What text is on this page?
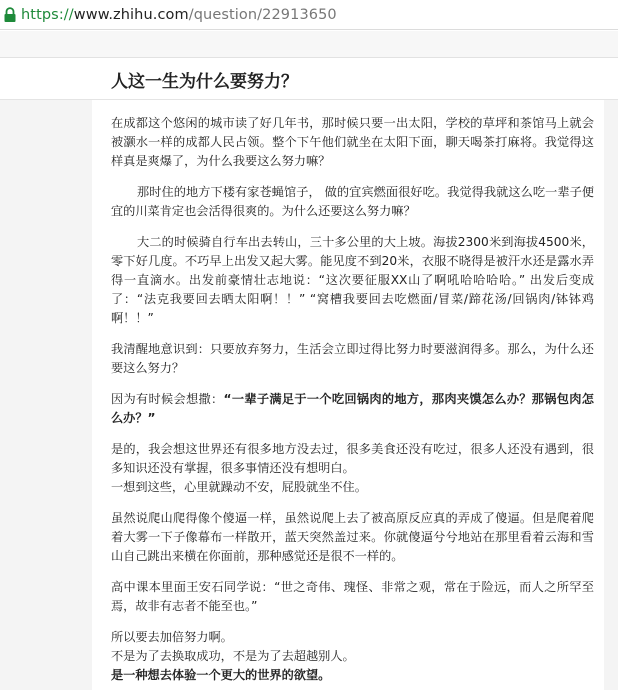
https://www.zhihu.com/question/22913650
人这一生为什么要努力？

在成都这个悠闲的城市读了好几年书，那时候只要一出太阳，学校的草坪和茶馆马上就会被灏水一样的成都人民占领。整个下午他们就坐在太阳下面，聊天喝茶打麻将。我觉得这样真是爽爆了，为什么我要这么努力嘛？

那时住的地方下楼有家苍蝇馆子， 做的宜宾燃面很好吃。我觉得我就这么吃一辈子便宜的川菜肯定也会活得很爽的。为什么还要这么努力嘛？

大二的时候骑自行车出去转山，三十多公里的大上坡。海拔2300米到海拔4500米，零下好几度。不巧早上出发又起大雾。能见度不到20米，衣服不晓得是被汗水还是露水弄得一直滴水。出发前豪情壮志地说：“这次要征服XX山了啊吼哈哈哈哈。” 出发后变成了：“法克我要回去晒太阳啊！！” “窝槽我要回去吃燃面/冒菜/蹄花汤/回锅肉/钵钵鸡啊！！”

我清醒地意识到：只要放弃努力，生活会立即过得比努力时要滋润得多。那么，为什么还要这么努力？

因为有时候会想撒：“一辈子满足于一个吃回锅肉的地方，那肉夹馍怎么办？那锅包肉怎么办？”

是的，我会想这世界还有很多地方没去过，很多美食还没有吃过，很多人还没有遇到，很多知识还没有掌握，很多事情还没有想明白。
一想到这些，心里就躁动不安，屁股就坐不住。

虽然说爬山爬得像个傻逼一样，虽然说爬上去了被高原反应真的弄成了傻逼。但是爬着爬着大雾一下子像幕布一样散开，蓝天突然盖过来。你就傻逼兮兮地站在那里看着云海和雪山自己跳出来横在你面前，那种感觉还是很不一样的。

高中课本里面王安石同学说：“世之奇伟、瑰怪、非常之观，常在于险远，而人之所罕至焉，故非有志者不能至也。”

所以要去加倍努力啊。
不是为了去换取成功，不是为了去超越别人。
是一种想去体验一个更大的世界的欲望。
